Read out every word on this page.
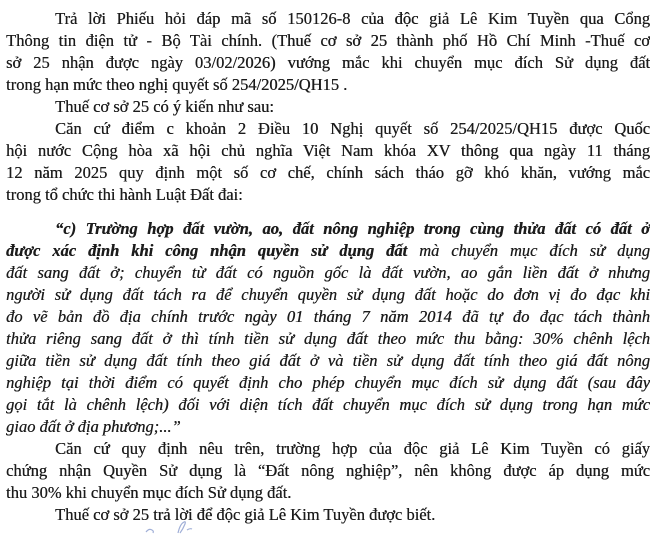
Trả lời Phiếu hỏi đáp mã số 150126-8 của độc giả Lê Kim Tuyền qua Cổng
Thông tin điện tử - Bộ Tài chính. (Thuế cơ sở 25 thành phố Hồ Chí Minh -Thuế cơ
sở 25 nhận được ngày 03/02/2026) vướng mắc khi chuyển mục đích Sử dụng đất
trong hạn mức theo nghị quyết số 254/2025/QH15 .
Thuế cơ sở 25 có ý kiến như sau:
Căn cứ điểm c khoản 2 Điều 10 Nghị quyết số 254/2025/QH15 được Quốc
hội nước Cộng hòa xã hội chủ nghĩa Việt Nam khóa XV thông qua ngày 11 tháng
12 năm 2025 quy định một số cơ chế, chính sách tháo gỡ khó khăn, vướng mắc
trong tổ chức thi hành Luật Đất đai:
“c) Trường hợp đất vườn, ao, đất nông nghiệp trong cùng thửa đất có đất ở
được xác định khi công nhận quyền sử dụng đất mà chuyển mục đích sử dụng
đất sang đất ở; chuyển từ đất có nguồn gốc là đất vườn, ao gắn liền đất ở nhưng
người sử dụng đất tách ra để chuyển quyền sử dụng đất hoặc do đơn vị đo đạc khi
đo vẽ bản đồ địa chính trước ngày 01 tháng 7 năm 2014 đã tự đo đạc tách thành
thửa riêng sang đất ở thì tính tiền sử dụng đất theo mức thu bằng: 30% chênh lệch
giữa tiền sử dụng đất tính theo giá đất ở và tiền sử dụng đất tính theo giá đất nông
nghiệp tại thời điểm có quyết định cho phép chuyển mục đích sử dụng đất (sau đây
gọi tắt là chênh lệch) đối với diện tích đất chuyển mục đích sử dụng trong hạn mức
giao đất ở địa phương;...”
Căn cứ quy định nêu trên, trường hợp của độc giả Lê Kim Tuyền có giấy
chứng nhận Quyền Sử dụng là “Đất nông nghiệp”, nên không được áp dụng mức
thu 30% khi chuyển mục đích Sử dụng đất.
Thuế cơ sở 25 trả lời để độc giả Lê Kim Tuyền được biết.
